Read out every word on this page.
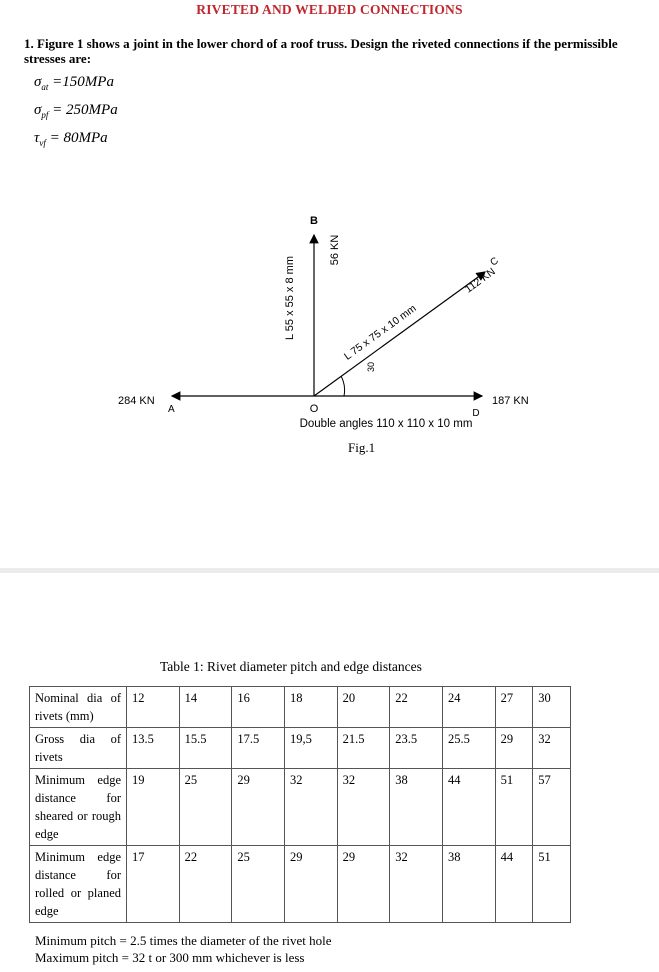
RIVETED AND WELDED CONNECTIONS
1. Figure 1 shows a joint in the lower chord of a roof truss. Design the riveted connections if the permissible stresses are:
$\sigma_{at} =150MPa$
$\sigma_{pf} = 250MPa$
$\tau_{vf} = 80MPa$
B
56 KN
L 55 x 55 x 8 mm	L 75 x 75 x 10 mm
112 KN
C
30
284 KN
A	O	D
187 KN
Double angles 110 x 110 x 10 mm
Fig.1
Table 1: Rivet diameter pitch and edge distances
Nominal dia of rivets (mm)	12	14	16	18	20	22	24	27	30
Gross dia of rivets	13.5	15.5	17.5	19,5	21.5	23.5	25.5	29	32
Minimum edge distance for sheared or rough edge	19	25	29	32	32	38	44	51	57
Minimum edge distance for rolled or planed edge	17	22	25	29	29	32	38	44	51
Minimum pitch = 2.5 times the diameter of the rivet hole
Maximum pitch = 32 t or 300 mm whichever is less
